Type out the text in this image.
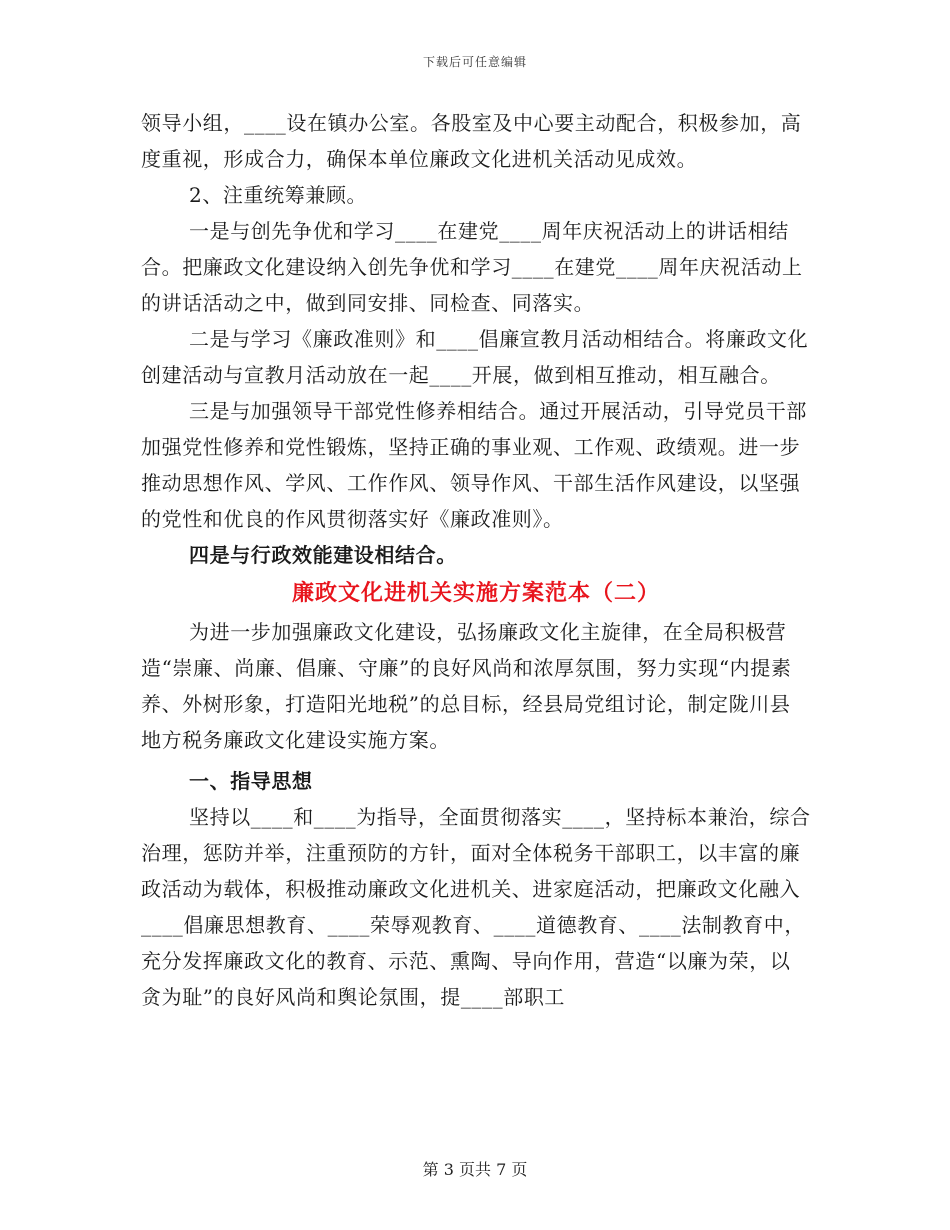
下载后可任意编辑

领导小组，____设在镇办公室。各股室及中心要主动配合，积极参加，高度重视，形成合力，确保本单位廉政文化进机关活动见成效。

2、注重统筹兼顾。

一是与创先争优和学习____在建党____周年庆祝活动上的讲话相结合。把廉政文化建设纳入创先争优和学习____在建党____周年庆祝活动上的讲话活动之中，做到同安排、同检查、同落实。

二是与学习《廉政准则》和____倡廉宣教月活动相结合。将廉政文化创建活动与宣教月活动放在一起____开展，做到相互推动，相互融合。

三是与加强领导干部党性修养相结合。通过开展活动，引导党员干部加强党性修养和党性锻炼，坚持正确的事业观、工作观、政绩观。进一步推动思想作风、学风、工作作风、领导作风、干部生活作风建设，以坚强的党性和优良的作风贯彻落实好《廉政准则》。

四是与行政效能建设相结合。

廉政文化进机关实施方案范本（二）

为进一步加强廉政文化建设，弘扬廉政文化主旋律，在全局积极营造“崇廉、尚廉、倡廉、守廉”的良好风尚和浓厚氛围，努力实现“内提素养、外树形象，打造阳光地税”的总目标，经县局党组讨论，制定陇川县地方税务廉政文化建设实施方案。

一、指导思想

坚持以____和____为指导，全面贯彻落实____，坚持标本兼治，综合治理，惩防并举，注重预防的方针，面对全体税务干部职工，以丰富的廉政活动为载体，积极推动廉政文化进机关、进家庭活动，把廉政文化融入____倡廉思想教育、____荣辱观教育、____道德教育、____法制教育中，充分发挥廉政文化的教育、示范、熏陶、导向作用，营造“以廉为荣，以贪为耻”的良好风尚和舆论氛围，提____部职工

第 3 页共 7 页
